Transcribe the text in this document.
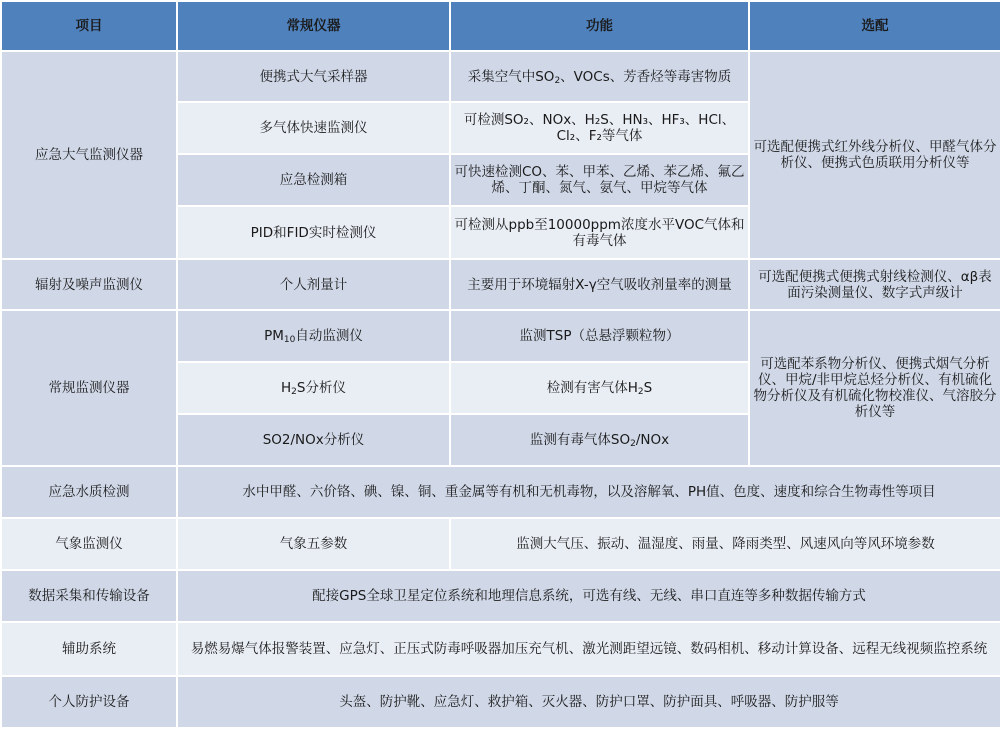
项目	常规仪器	功能	选配
应急大气监测仪器	便携式大气采样器	采集空气中$SO_2$、VOCs、芳香烃等毒害物质	可选配便携式红外线分析仪、甲醛气体分析仪、便携式色质联用分析仪等
	多气体快速监测仪	可检测SO₂、NOx、H₂S、HN₃、HF₃、HCl、Cl₂、F₂等气体	
	应急检测箱	可快速检测CO、苯、甲苯、乙烯、苯乙烯、氟乙烯、丁酮、氮气、氨气、甲烷等气体	
	PID和FID实时检测仪	可检测从ppb至10000ppm浓度水平VOC气体和有毒气体	
辐射及噪声监测仪	个人剂量计	主要用于环境辐射X-γ空气吸收剂量率的测量	可选配便携式便携式射线检测仪、αβ表面污染测量仪、数字式声级计
常规监测仪器	$PM_{10}$自动监测仪	监测TSP（总悬浮颗粒物）	可选配苯系物分析仪、便携式烟气分析仪、甲烷/非甲烷总烃分析仪、有机硫化物分析仪及有机硫化物校准仪、气溶胶分析仪等
	$H_2S$分析仪	检测有害气体$H_2S$	
	SO2/NOx分析仪	监测有毒气体$SO_2$/NOx	
应急水质检测	水中甲醛、六价铬、碘、镍、铜、重金属等有机和无机毒物，以及溶解氧、PH值、色度、速度和综合生物毒性等项目		
气象监测仪	气象五参数	监测大气压、振动、温湿度、雨量、降雨类型、风速风向等风环境参数	
数据采集和传输设备	配接GPS全球卫星定位系统和地理信息系统，可选有线、无线、串口直连等多种数据传输方式		
辅助系统	易燃易爆气体报警装置、应急灯、正压式防毒呼吸器加压充气机、激光测距望远镜、数码相机、移动计算设备、远程无线视频监控系统		
个人防护设备	头盔、防护靴、应急灯、救护箱、灭火器、防护口罩、防护面具、呼吸器、防护服等		
